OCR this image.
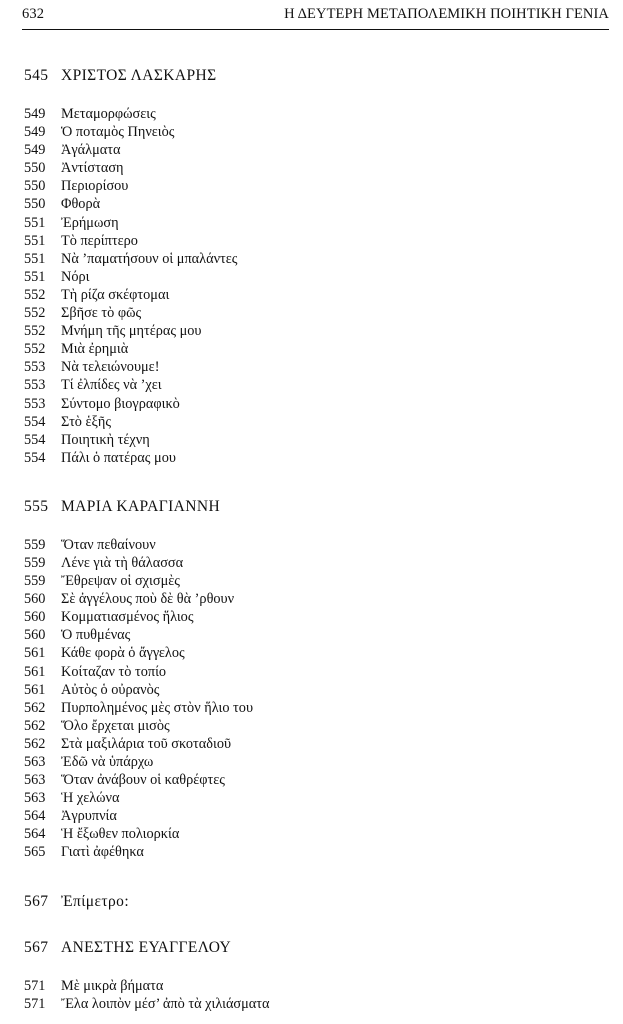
632	Η ΔΕΥΤΕΡΗ ΜΕΤΑΠΟΛΕΜΙΚΗ ΠΟΙΗΤΙΚΗ ΓΕΝΙΑ
545 ΧΡΙΣΤΟΣ ΛΑΣΚΑΡΗΣ
549	Μεταμορφώσεις
549	Ὁ ποταμὸς Πηνειὸς
549	Ἀγάλματα
550	Ἀντίσταση
550	Περιορίσου
550	Φθορὰ
551	Ἐρήμωση
551	Τὸ περίπτερο
551	Νὰ ’παματήσουν οἱ μπαλάντες
551	Νόρι
552	Τὴ ρίζα σκέφτομαι
552	Σβῆσε τὸ φῶς
552	Μνήμη τῆς μητέρας μου
552	Μιὰ ἐρημιὰ
553	Νὰ τελειώνουμε!
553	Τί ἐλπίδες νὰ ’χει
553	Σύντομο βιογραφικὸ
554	Στὸ ἑξῆς
554	Ποιητικὴ τέχνη
554	Πάλι ὁ πατέρας μου
555 ΜΑΡΙΑ ΚΑΡΑΓΙΑΝΝΗ
559	Ὅταν πεθαίνουν
559	Λένε γιὰ τὴ θάλασσα
559	Ἔθρεψαν οἱ σχισμὲς
560	Σὲ ἀγγέλους ποὺ δὲ θὰ ’ρθουν
560	Κομματιασμένος ἥλιος
560	Ὁ πυθμένας
561	Κάθε φορὰ ὁ ἄγγελος
561	Κοίταζαν τὸ τοπίο
561	Αὐτὸς ὁ οὐρανὸς
562	Πυρπολημένος μὲς στὸν ἥλιο του
562	Ὅλο ἔρχεται μισὸς
562	Στὰ μαξιλάρια τοῦ σκοταδιοῦ
563	Ἐδῶ νὰ ὑπάρχω
563	Ὅταν ἀνάβουν οἱ καθρέφτες
563	Ἡ χελώνα
564	Ἀγρυπνία
564	Ἡ ἔξωθεν πολιορκία
565	Γιατὶ ἀφέθηκα
567 Ἐπίμετρο:
567 ΑΝΕΣΤΗΣ ΕΥΑΓΓΕΛΟΥ
571	Μὲ μικρὰ βήματα
571	Ἔλα λοιπὸν μέσ’ ἀπὸ τὰ χιλιάσματα
